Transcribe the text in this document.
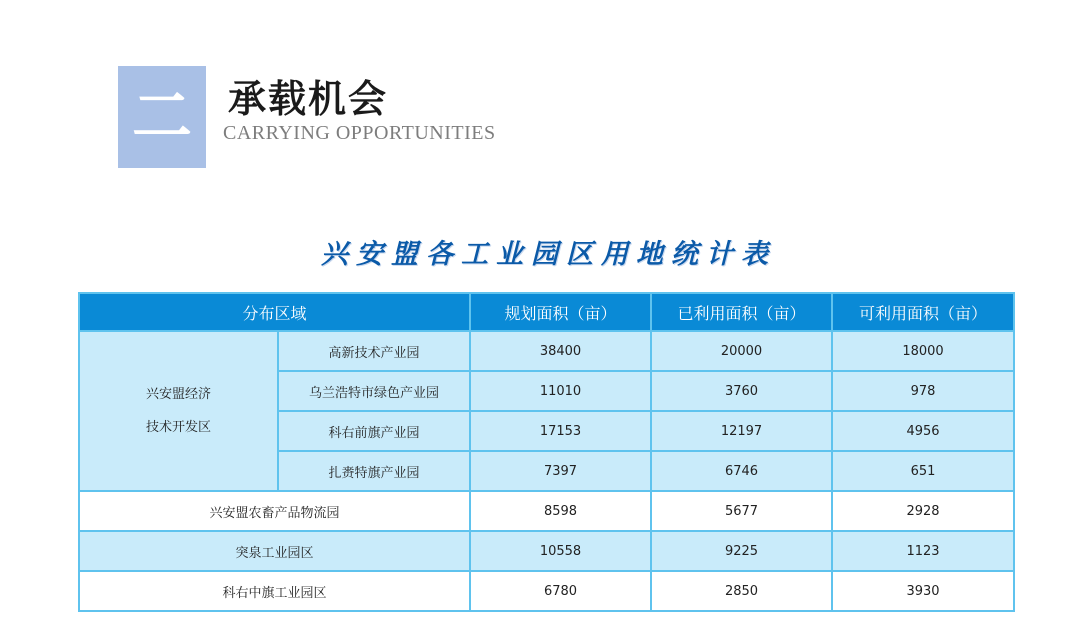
二 承载机会
CARRYING OPPORTUNITIES
兴安盟各工业园区用地统计表
分布区域		规划面积（亩）	已利用面积（亩）	可利用面积（亩）

兴安盟经济
技术开发区	高新技术产业园	38400	20000	18000
	乌兰浩特市绿色产业园	11010	3760	978
	科右前旗产业园	17153	12197	4956
	扎赉特旗产业园	7397	6746	651
兴安盟农畜产品物流园		8598	5677	2928
突泉工业园区		10558	9225	1123
科右中旗工业园区		6780	2850	3930
